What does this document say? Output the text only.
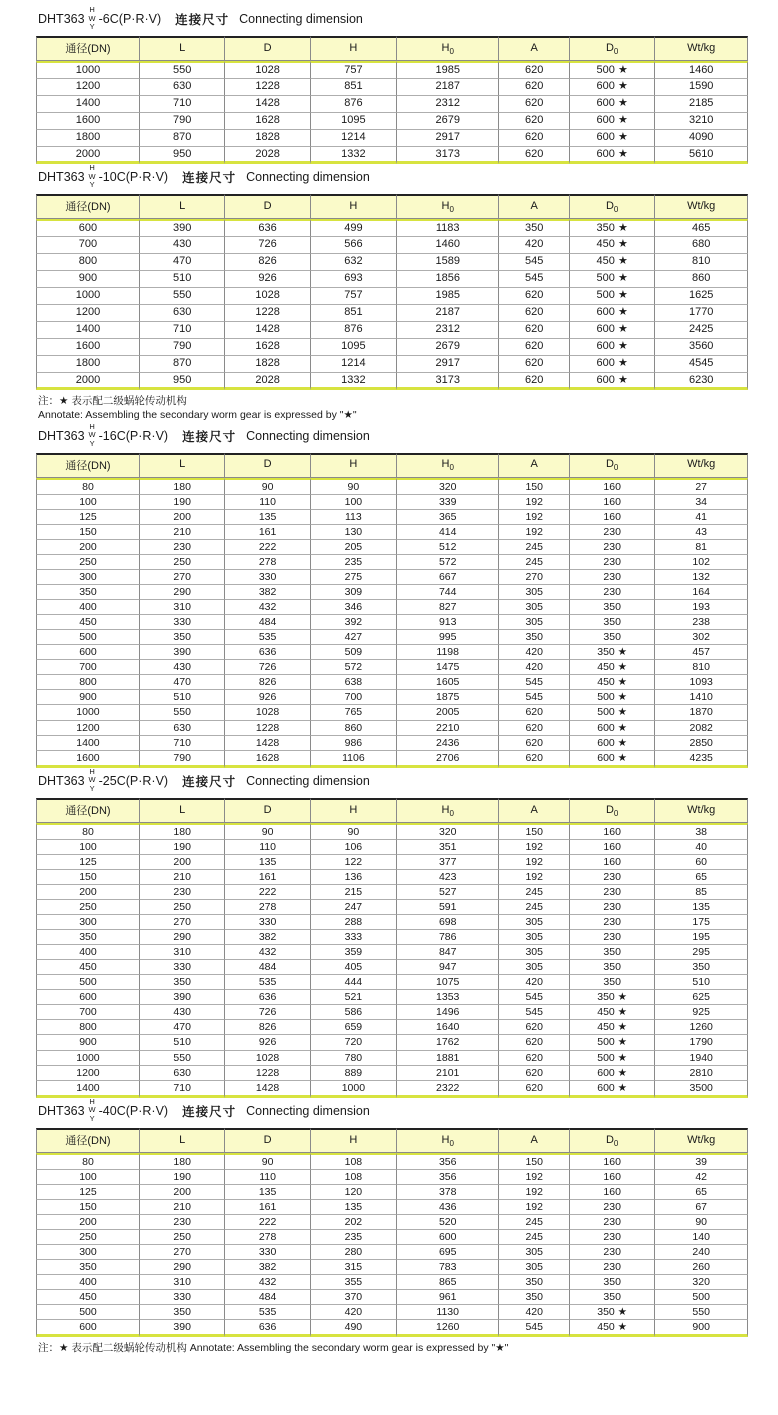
DHT363
H
W
Y
-6C(P·R·V) 连接尺寸 Connecting dimension
通径(DN)	L	D	H	$H_0$	A	$D_0$	Wt/kg
1000	550	1028	757	1985	620	500 ★	1460
1200	630	1228	851	2187	620	600 ★	1590
1400	710	1428	876	2312	620	600 ★	2185
1600	790	1628	1095	2679	620	600 ★	3210
1800	870	1828	1214	2917	620	600 ★	4090
2000	950	2028	1332	3173	620	600 ★	5610
DHT363
H
W
Y
-10C(P·R·V) 连接尺寸 Connecting dimension
通径(DN)	L	D	H	$H_0$	A	$D_0$	Wt/kg
600	390	636	499	1183	350	350 ★	465
700	430	726	566	1460	420	450 ★	680
800	470	826	632	1589	545	450 ★	810
900	510	926	693	1856	545	500 ★	860
1000	550	1028	757	1985	620	500 ★	1625
1200	630	1228	851	2187	620	600 ★	1770
1400	710	1428	876	2312	620	600 ★	2425
1600	790	1628	1095	2679	620	600 ★	3560
1800	870	1828	1214	2917	620	600 ★	4545
2000	950	2028	1332	3173	620	600 ★	6230
注：★ 表示配二级蜗轮传动机构
Annotate: Assembling the secondary worm gear is expressed by "★"
DHT363
H
W
Y
-16C(P·R·V) 连接尺寸 Connecting dimension
通径(DN)	L	D	H	$H_0$	A	$D_0$	Wt/kg
80	180	90	90	320	150	160	27
100	190	110	100	339	192	160	34
125	200	135	113	365	192	160	41
150	210	161	130	414	192	230	43
200	230	222	205	512	245	230	81
250	250	278	235	572	245	230	102
300	270	330	275	667	270	230	132
350	290	382	309	744	305	230	164
400	310	432	346	827	305	350	193
450	330	484	392	913	305	350	238
500	350	535	427	995	350	350	302
600	390	636	509	1198	420	350 ★	457
700	430	726	572	1475	420	450 ★	810
800	470	826	638	1605	545	450 ★	1093
900	510	926	700	1875	545	500 ★	1410
1000	550	1028	765	2005	620	500 ★	1870
1200	630	1228	860	2210	620	600 ★	2082
1400	710	1428	986	2436	620	600 ★	2850
1600	790	1628	1106	2706	620	600 ★	4235
DHT363
H
W
Y
-25C(P·R·V) 连接尺寸 Connecting dimension
通径(DN)	L	D	H	$H_0$	A	$D_0$	Wt/kg
80	180	90	90	320	150	160	38
100	190	110	106	351	192	160	40
125	200	135	122	377	192	160	60
150	210	161	136	423	192	230	65
200	230	222	215	527	245	230	85
250	250	278	247	591	245	230	135
300	270	330	288	698	305	230	175
350	290	382	333	786	305	230	195
400	310	432	359	847	305	350	295
450	330	484	405	947	305	350	350
500	350	535	444	1075	420	350	510
600	390	636	521	1353	545	350 ★	625
700	430	726	586	1496	545	450 ★	925
800	470	826	659	1640	620	450 ★	1260
900	510	926	720	1762	620	500 ★	1790
1000	550	1028	780	1881	620	500 ★	1940
1200	630	1228	889	2101	620	600 ★	2810
1400	710	1428	1000	2322	620	600 ★	3500
DHT363
H
W
Y
-40C(P·R·V) 连接尺寸 Connecting dimension
通径(DN)	L	D	H	$H_0$	A	$D_0$	Wt/kg
80	180	90	108	356	150	160	39
100	190	110	108	356	192	160	42
125	200	135	120	378	192	160	65
150	210	161	135	436	192	230	67
200	230	222	202	520	245	230	90
250	250	278	235	600	245	230	140
300	270	330	280	695	305	230	240
350	290	382	315	783	305	230	260
400	310	432	355	865	350	350	320
450	330	484	370	961	350	350	500
500	350	535	420	1130	420	350 ★	550
600	390	636	490	1260	545	450 ★	900
注：★ 表示配二级蜗轮传动机构 Annotate: Assembling the secondary worm gear is expressed by "★"
